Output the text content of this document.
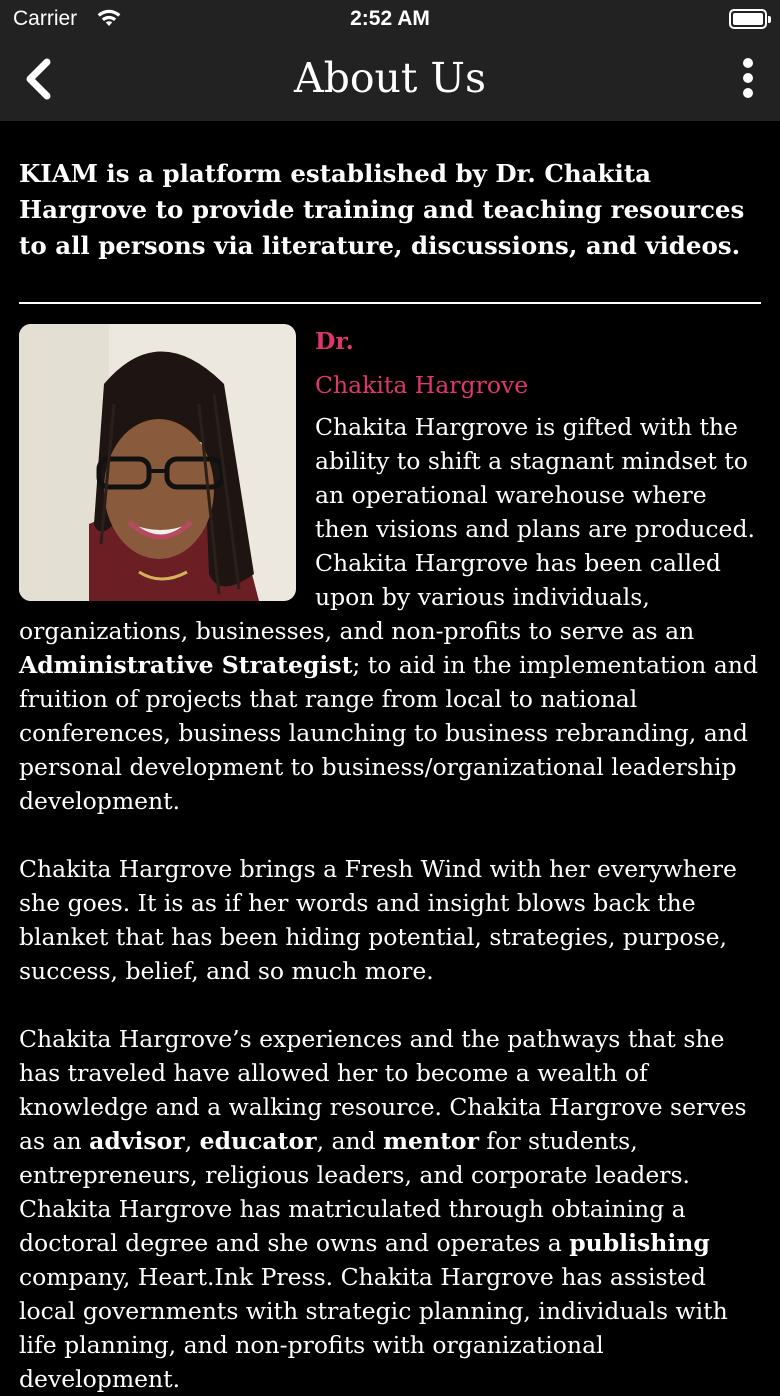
Carrier	2:52 AM
About Us

KIAM is a platform established by Dr. Chakita Hargrove to provide training and teaching resources to all persons via literature, discussions, and videos.

Dr.
Chakita Hargrove

Chakita Hargrove is gifted with the ability to shift a stagnant mindset to an operational warehouse where then visions and plans are produced. Chakita Hargrove has been called upon by various individuals, organizations, businesses, and non-profits to serve as an Administrative Strategist; to aid in the implementation and fruition of projects that range from local to national conferences, business launching to business rebranding, and personal development to business/organizational leadership development.

Chakita Hargrove brings a Fresh Wind with her everywhere she goes. It is as if her words and insight blows back the blanket that has been hiding potential, strategies, purpose, success, belief, and so much more.

Chakita Hargrove’s experiences and the pathways that she has traveled have allowed her to become a wealth of knowledge and a walking resource. Chakita Hargrove serves as an advisor, educator, and mentor for students, entrepreneurs, religious leaders, and corporate leaders. Chakita Hargrove has matriculated through obtaining a doctoral degree and she owns and operates a publishing company, Heart.Ink Press. Chakita Hargrove has assisted local governments with strategic planning, individuals with life planning, and non-profits with organizational development.
